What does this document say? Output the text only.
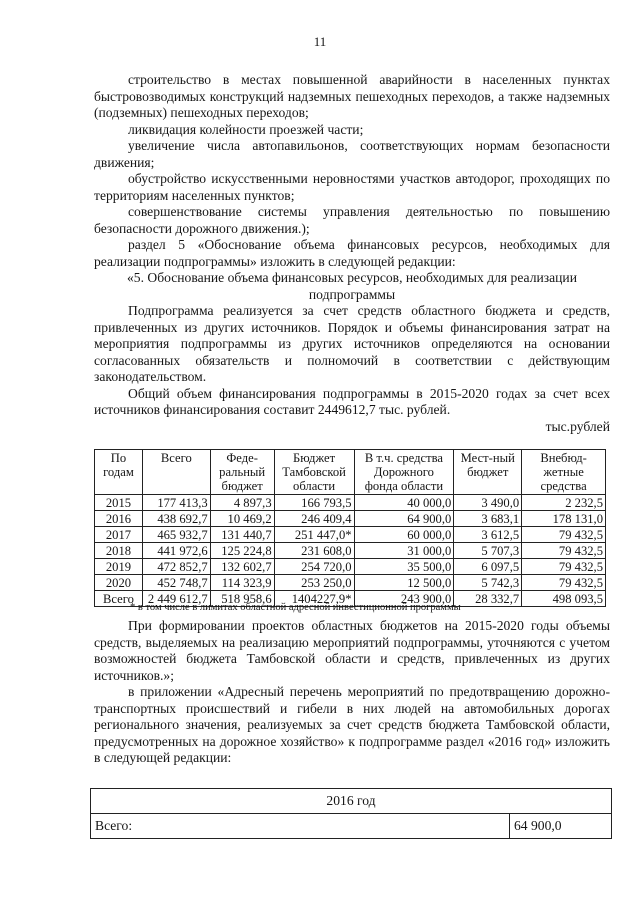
11

строительство в местах повышенной аварийности в населенных пунктах быстровозводимых конструкций надземных пешеходных переходов, а также надземных (подземных) пешеходных переходов;

ликвидация колейности проезжей части;

увеличение числа автопавильонов, соответствующих нормам безопасности движения;

обустройство искусственными неровностями участков автодорог, проходящих по территориям населенных пунктов;

совершенствование системы управления деятельностью по повышению безопасности дорожного движения.);

раздел 5 «Обоснование объема финансовых ресурсов, необходимых для реализации подпрограммы» изложить в следующей редакции:

«5. Обоснование объема финансовых ресурсов, необходимых для реализации подпрограммы

Подпрограмма реализуется за счет средств областного бюджета и средств, привлеченных из других источников. Порядок и объемы финансирования затрат на мероприятия подпрограммы из других источников определяются на основании согласованных обязательств и полномочий в соответствии с действующим законодательством.

Общий объем финансирования подпрограммы в 2015-2020 годах за счет всех источников финансирования составит 2449612,7 тыс. рублей.

тыс.рублей

По годам	Всего	Феде-ральный бюджет	Бюджет Тамбовской области	В т.ч. средства Дорожного фонда области	Мест-ный бюджет	Внебюд-жетные средства
2015	177 413,3	4 897,3	166 793,5	40 000,0	3 490,0	2 232,5
2016	438 692,7	10 469,2	246 409,4	64 900,0	3 683,1	178 131,0
2017	465 932,7	131 440,7	251 447,0*	60 000,0	3 612,5	79 432,5
2018	441 972,6	125 224,8	231 608,0	31 000,0	5 707,3	79 432,5
2019	472 852,7	132 602,7	254 720,0	35 500,0	6 097,5	79 432,5
2020	452 748,7	114 323,9	253 250,0	12 500,0	5 742,3	79 432,5
Всего	2 449 612,7	518 958,6	1404227,9*	243 900,0	28 332,7	498 093,5
* в том числе в лимитах областной адресной инвестиционной программы

При формировании проектов областных бюджетов на 2015-2020 годы объемы средств, выделяемых на реализацию мероприятий подпрограммы, уточняются с учетом возможностей бюджета Тамбовской области и средств, привлеченных из других источников.»;

в приложении «Адресный перечень мероприятий по предотвращению дорожно-транспортных происшествий и гибели в них людей на автомобильных дорогах регионального значения, реализуемых за счет средств бюджета Тамбовской области, предусмотренных на дорожное хозяйство» к подпрограмме раздел «2016 год» изложить в следующей редакции:

2016 год
Всего:	64 900,0
